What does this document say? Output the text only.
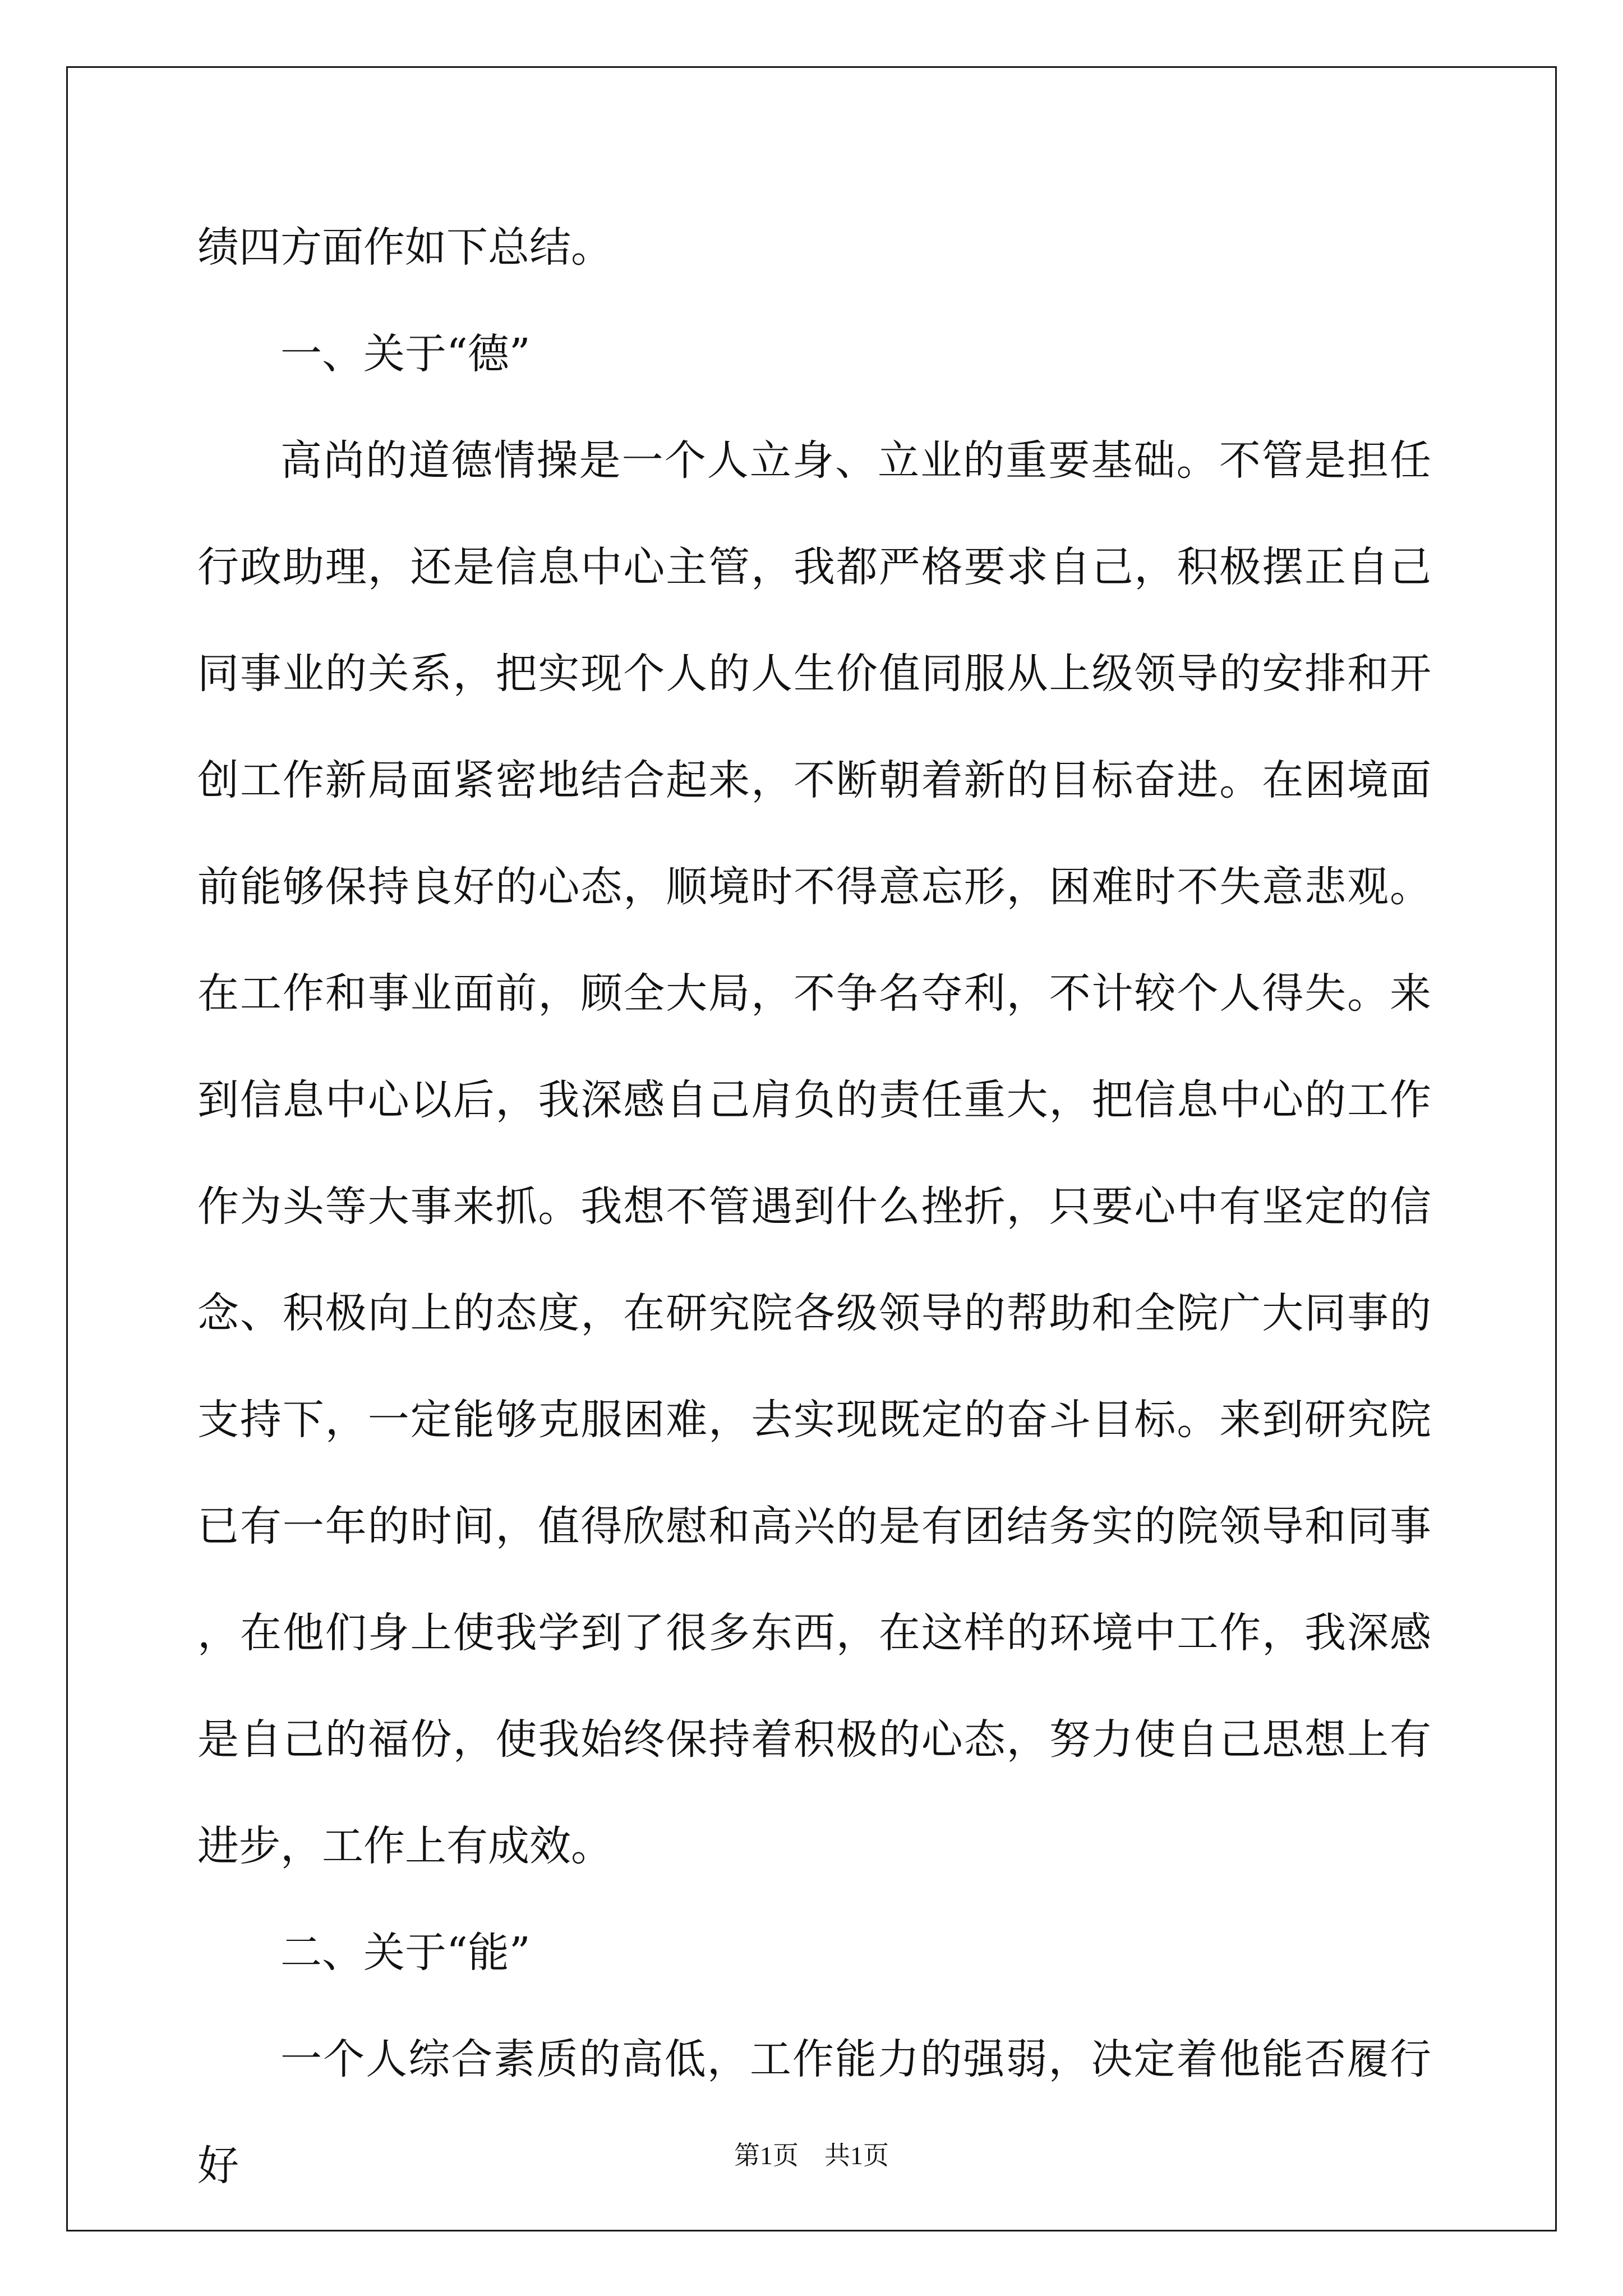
绩四方面作如下总结。

一、关于“德”

高尚的道德情操是一个人立身、立业的重要基础。不管是担任行政助理，还是信息中心主管，我都严格要求自己，积极摆正自己同事业的关系，把实现个人的人生价值同服从上级领导的安排和开创工作新局面紧密地结合起来，不断朝着新的目标奋进。在困境面前能够保持良好的心态，顺境时不得意忘形，困难时不失意悲观。在工作和事业面前，顾全大局，不争名夺利，不计较个人得失。来到信息中心以后，我深感自己肩负的责任重大，把信息中心的工作作为头等大事来抓。我想不管遇到什么挫折，只要心中有坚定的信念、积极向上的态度，在研究院各级领导的帮助和全院广大同事的支持下，一定能够克服困难，去实现既定的奋斗目标。来到研究院已有一年的时间，值得欣慰和高兴的是有团结务实的院领导和同事，在他们身上使我学到了很多东西，在这样的环境中工作，我深感是自己的福份，使我始终保持着积极的心态，努力使自己思想上有进步，工作上有成效。

二、关于“能”

一个人综合素质的高低，工作能力的强弱，决定着他能否履行好	第1页　共1页
